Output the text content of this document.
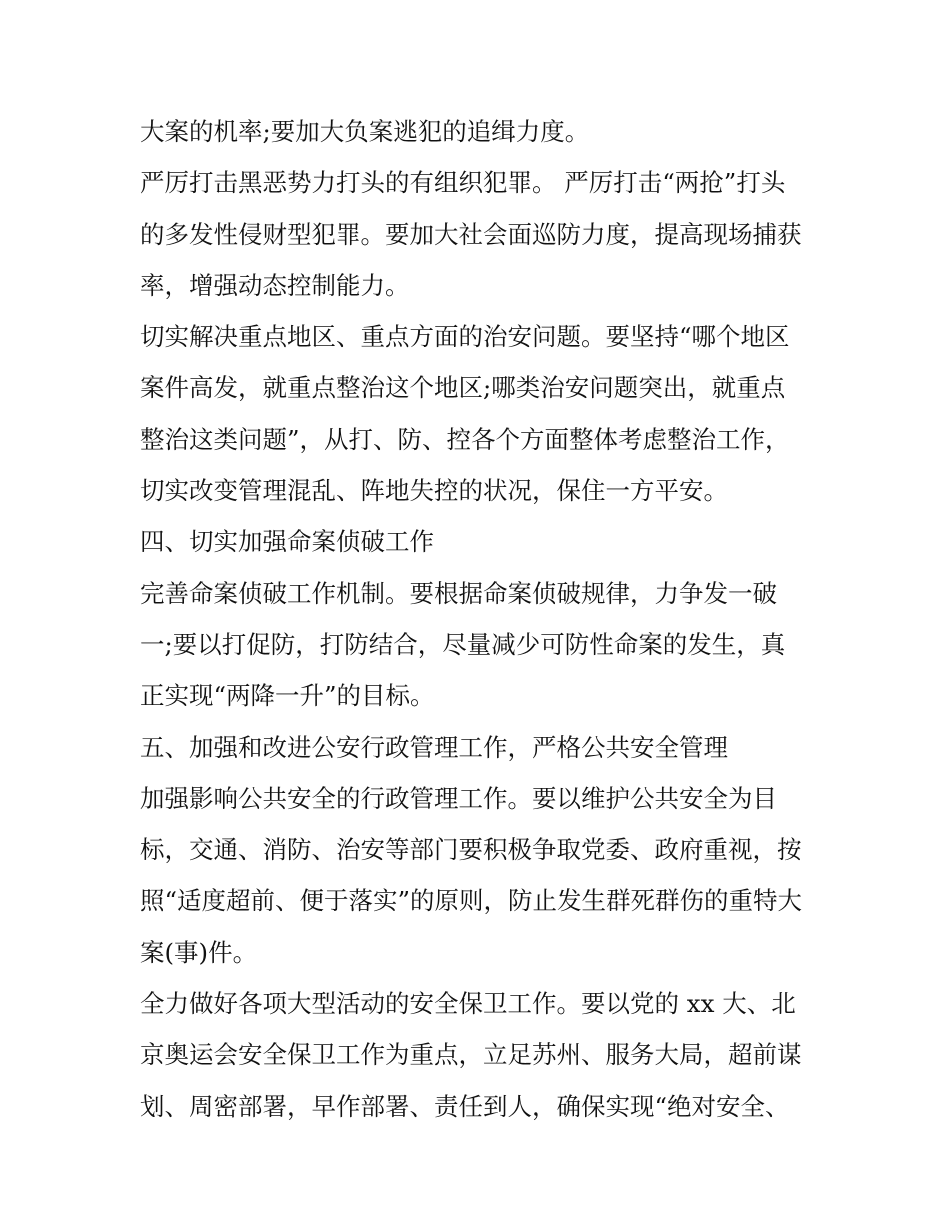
大案的机率;要加大负案逃犯的追缉力度。
严厉打击黑恶势力打头的有组织犯罪。 严厉打击“两抢”打头
的多发性侵财型犯罪。要加大社会面巡防力度，提高现场捕获
率，增强动态控制能力。
切实解决重点地区、重点方面的治安问题。要坚持“哪个地区
案件高发，就重点整治这个地区;哪类治安问题突出，就重点
整治这类问题”，从打、防、控各个方面整体考虑整治工作，
切实改变管理混乱、阵地失控的状况，保住一方平安。
四、切实加强命案侦破工作
完善命案侦破工作机制。要根据命案侦破规律，力争发一破
一;要以打促防，打防结合，尽量减少可防性命案的发生，真
正实现“两降一升”的目标。
五、加强和改进公安行政管理工作，严格公共安全管理
加强影响公共安全的行政管理工作。要以维护公共安全为目
标，交通、消防、治安等部门要积极争取党委、政府重视，按
照“适度超前、便于落实”的原则，防止发生群死群伤的重特大
案(事)件。
全力做好各项大型活动的安全保卫工作。要以党的 xx 大、北
京奥运会安全保卫工作为重点，立足苏州、服务大局，超前谋
划、周密部署，早作部署、责任到人，确保实现“绝对安全、
